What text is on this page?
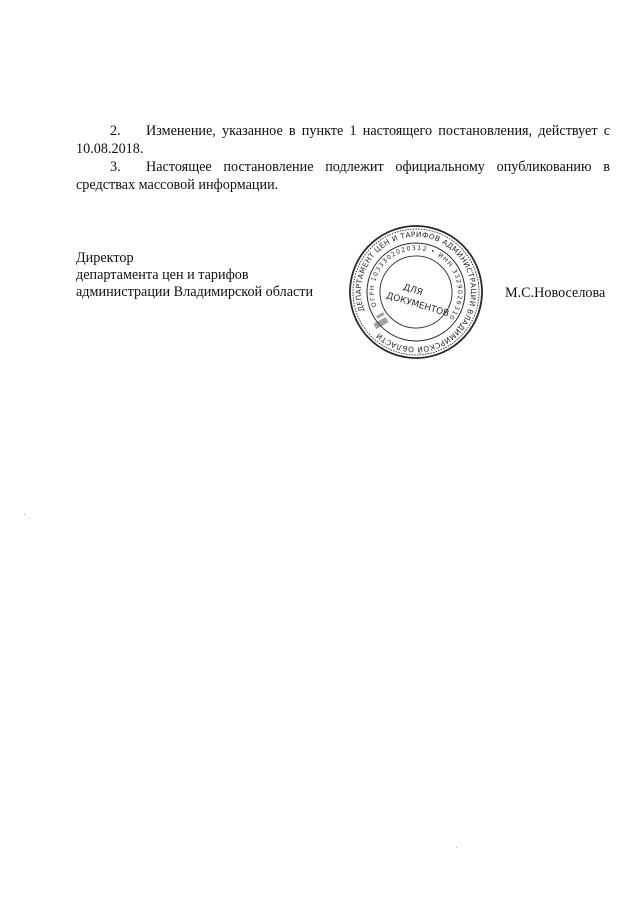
2. Изменение, указанное в пункте 1 настоящего постановления, действует с
10.08.2018.
3. Настоящее постановление подлежит официальному опубликованию в
средствах массовой информации.
Директор
департамента цен и тарифов
администрации Владимирской области
ДЕПАРТАМЕНТ ЦЕН И ТАРИФОВ АДМИНИСТРАЦИИ ВЛАДИМИРСКОЙ ОБЛАСТИ
ОГРН 1033302020312 • ИНН 3329026310
ДЛЯ
ДОКУМЕНТОВ
М.С.Новоселова
